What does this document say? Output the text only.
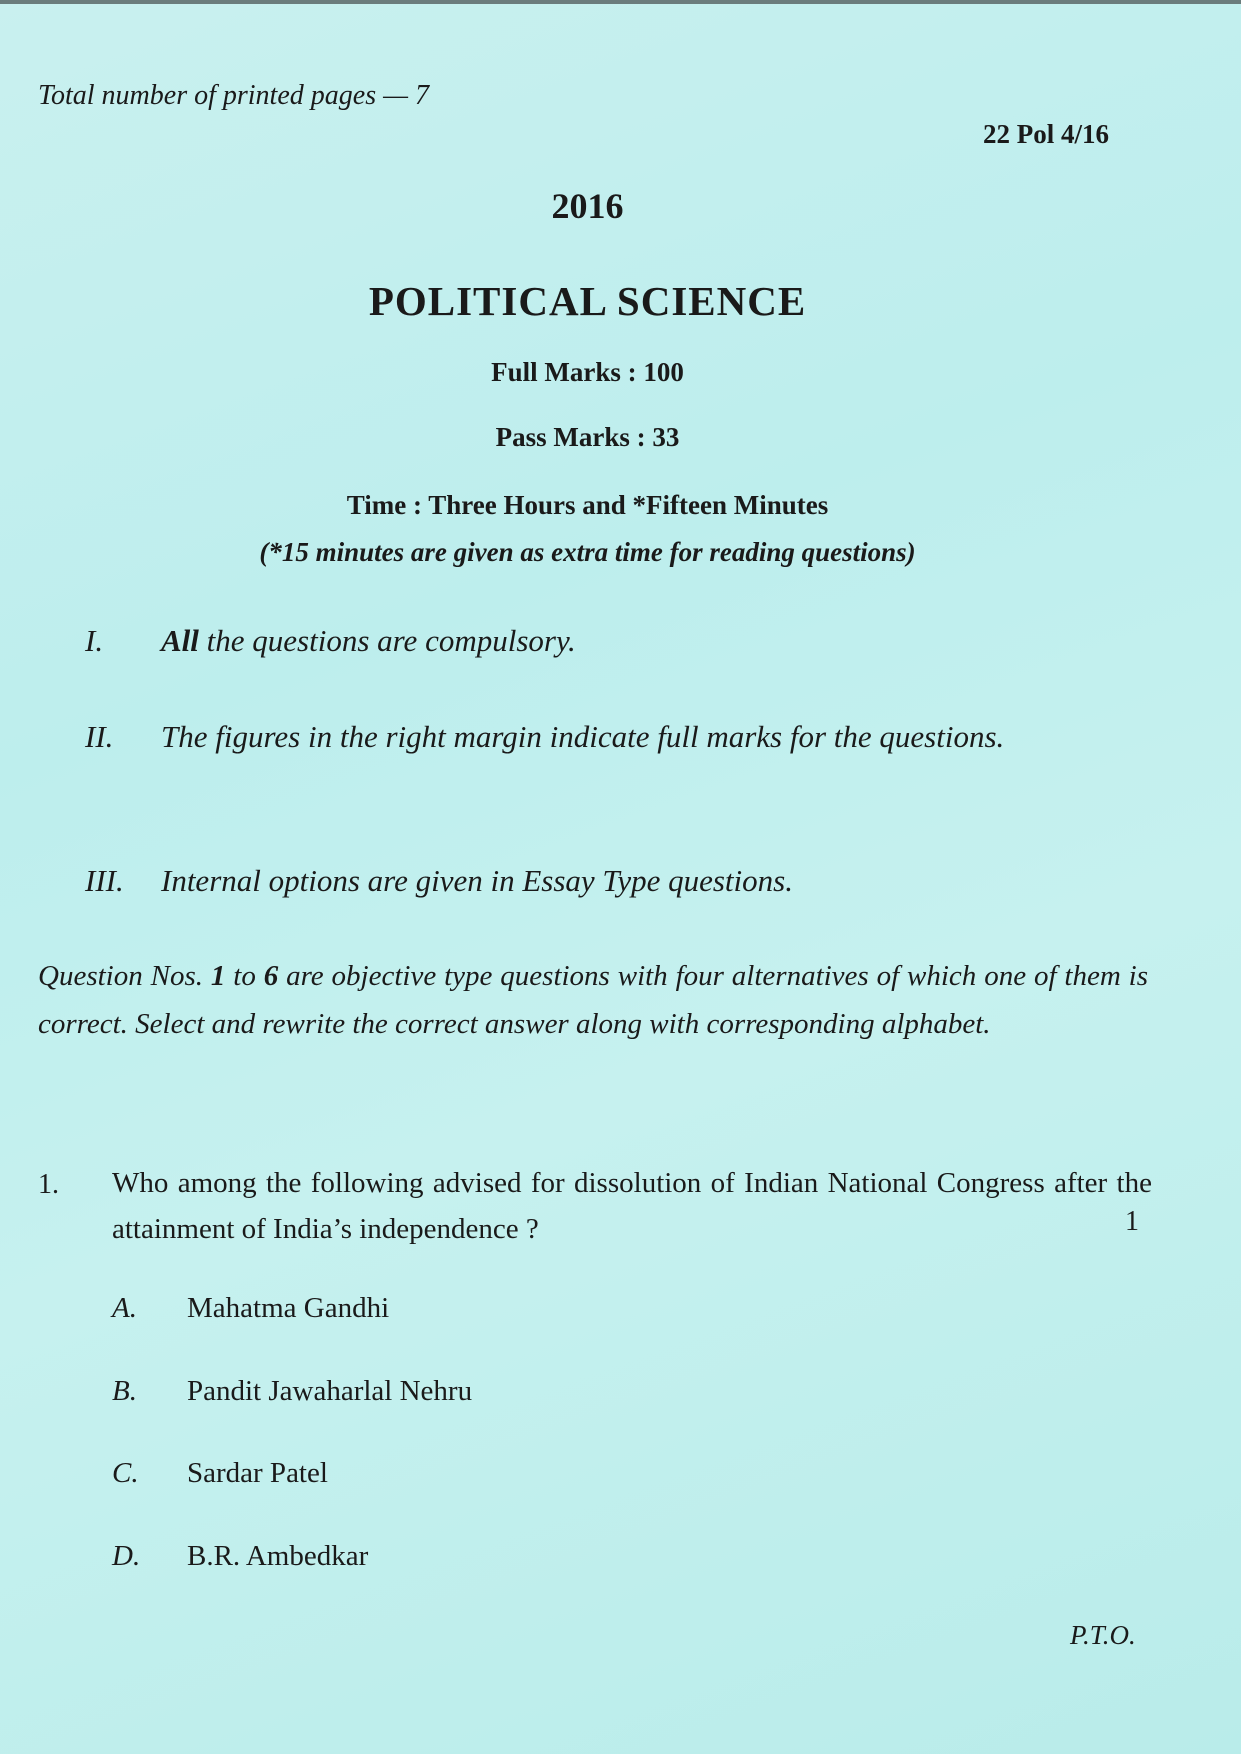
Total number of printed pages — 7

22 Pol 4/16

2016

POLITICAL SCIENCE

Full Marks : 100

Pass Marks : 33

Time : Three Hours and *Fifteen Minutes

(*15 minutes are given as extra time for reading questions)

I. All the questions are compulsory.
II. The figures in the right margin indicate full marks for the questions.
III. Internal options are given in Essay Type questions.

Question Nos. 1 to 6 are objective type questions with four alternatives of which one of them is correct. Select and rewrite the correct answer along with corresponding alphabet.

1. Who among the following advised for dissolution of Indian National Congress after the attainment of India’s independence ?	1
A. Mahatma Gandhi
B. Pandit Jawaharlal Nehru
C. Sardar Patel
D. B.R. Ambedkar

P.T.O.
